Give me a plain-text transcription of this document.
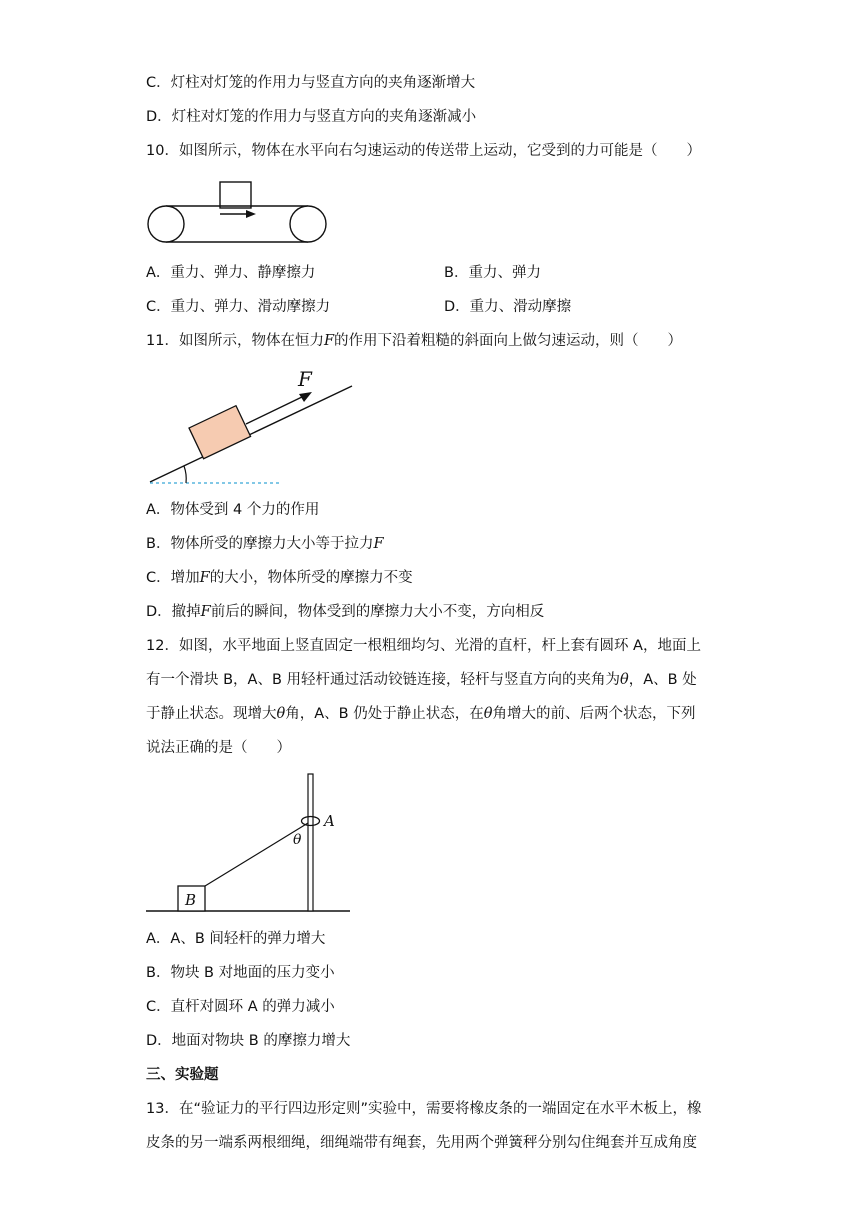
C．灯柱对灯笼的作用力与竖直方向的夹角逐渐增大
D．灯柱对灯笼的作用力与竖直方向的夹角逐渐减小
10．如图所示，物体在水平向右匀速运动的传送带上运动，它受到的力可能是（　　）
A．重力、弹力、静摩擦力	B．重力、弹力
C．重力、弹力、滑动摩擦力	D．重力、滑动摩擦
11．如图所示，物体在恒力F的作用下沿着粗糙的斜面向上做匀速运动，则（　　）
F
A．物体受到 4 个力的作用
B．物体所受的摩擦力大小等于拉力F
C．增加F的大小，物体所受的摩擦力不变
D．撤掉F前后的瞬间，物体受到的摩擦力大小不变，方向相反
12．如图，水平地面上竖直固定一根粗细均匀、光滑的直杆，杆上套有圆环 A，地面上
有一个滑块 B，A、B 用轻杆通过活动铰链连接，轻杆与竖直方向的夹角为θ，A、B 处
于静止状态。现增大θ角，A、B 仍处于静止状态，在θ角增大的前、后两个状态，下列
说法正确的是（　　）
A
θ
B
A．A、B 间轻杆的弹力增大
B．物块 B 对地面的压力变小
C．直杆对圆环 A 的弹力减小
D．地面对物块 B 的摩擦力增大
三、实验题
13．在“验证力的平行四边形定则”实验中，需要将橡皮条的一端固定在水平木板上，橡
皮条的另一端系两根细绳，细绳端带有绳套，先用两个弹簧秤分别勾住绳套并互成角度
